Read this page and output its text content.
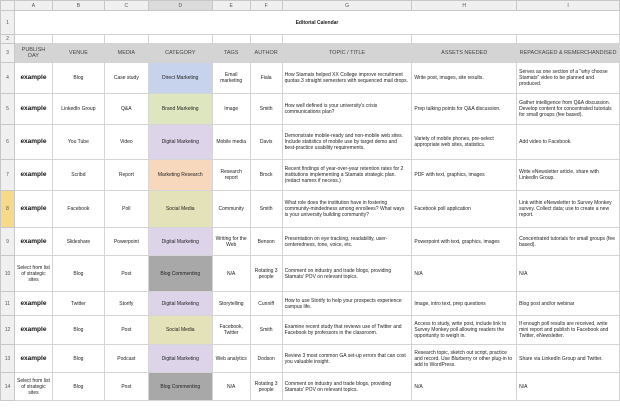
	A	B	C	D	E	F	G	H	I
1	Editorial Calendar								
2									
3	PUBLISH DAY	VENUE	MEDIA	CATEGORY	TAGS	AUTHOR	TOPIC / TITLE	ASSETS NEEDED	REPACKAGED & REMERCHANDISED
4	example	Blog	Case study	Direct Marketing	Email marketing	Fiala	How Stamats helped XX College improve recruitment quotas 3 straight semesters with sequenced mail drops.	Write post, images, site results.	Serves as one section of a "why choose Stamats" video to be planned and produced.
5	example	LinkedIn Group	Q&A	Brand Marketing	Image	Smith	How well defined is your university's crisis communications plan?	Prep talking points for Q&A discussion.	Gather intelligence from Q&A discussion. Develop content for concentrated tutorials for small groups (fee based).
6	example	You Tube	Video	Digital Marketing	Mobile media	Davis	Demonstrate mobile-ready and non-mobile web sites. Include statistics of mobile use by target demo and best-practice usability requirements.	Variety of mobile phones, pre-select appropriate web sites, statistics.	Add video to Facebook.
7	example	Scribd	Report	Marketing Research	Research report	Brock	Recent findings of year-over-year retention rates for 2 institutions implementing a Stamats strategic plan. (redact names if necess.)	PDF with text, graphics, images	Write eNewsletter article, share with LinkedIn Group.
8	example	Facebook	Poll	Social Media	Community	Smith	What role does the institution have in fostering community-mindedness among enrollees? What ways is your university building community?	Facebook poll application	Link within eNewsletter to Survey Monkey survey. Collect data; use to create a new report.
9	example	Slideshare	Powerpoint	Digital Marketing	Writing for the Web	Benson	Presentation on eye tracking, readability, user-centeredness, tone, voice, etc.	Powerpoint with text, graphics, images	Concentrated tutorials for small groups (fee based).
10	Select from list of strategic sites	Blog	Post	Blog Commenting	N/A	Rotating 3 people	Comment on industry and trade blogs, providing Stamats' POV on relevant topics.	N/A	N/A
11	example	Twitter	Storify	Digital Marketing	Storytelling	Cunniff	How to use Storify to help your prospects experience campus life.	Image, intro text, prep questions	Blog post and/or webinar
12	example	Blog	Post	Social Media	Facebook, Twitter	Smith	Examine recent study that reviews use of Twitter and Facebook by professors in the classroom.	Access to study, write post, include link to Survey Monkey poll allowing readers the opportunity to weigh in.	If enough poll results are received, write mini report and publish to Facebook and Twitter, eNewsletter.
13	example	Blog	Podcast	Digital Marketing	Web analytics	Dodson	Review 3 most common GA set-up errors that can cost you valuable insight.	Research topic, sketch out script, practice and record. Use Blurberry or other plug-in to add to WordPress.	Share via LinkedIn Group and Twitter.
14	Select from list of strategic sites	Blog	Post	Blog Commenting	N/A	Rotating 3 people	Comment on industry and trade blogs, providing Stamats' POV on relevant topics.	N/A	N/A
